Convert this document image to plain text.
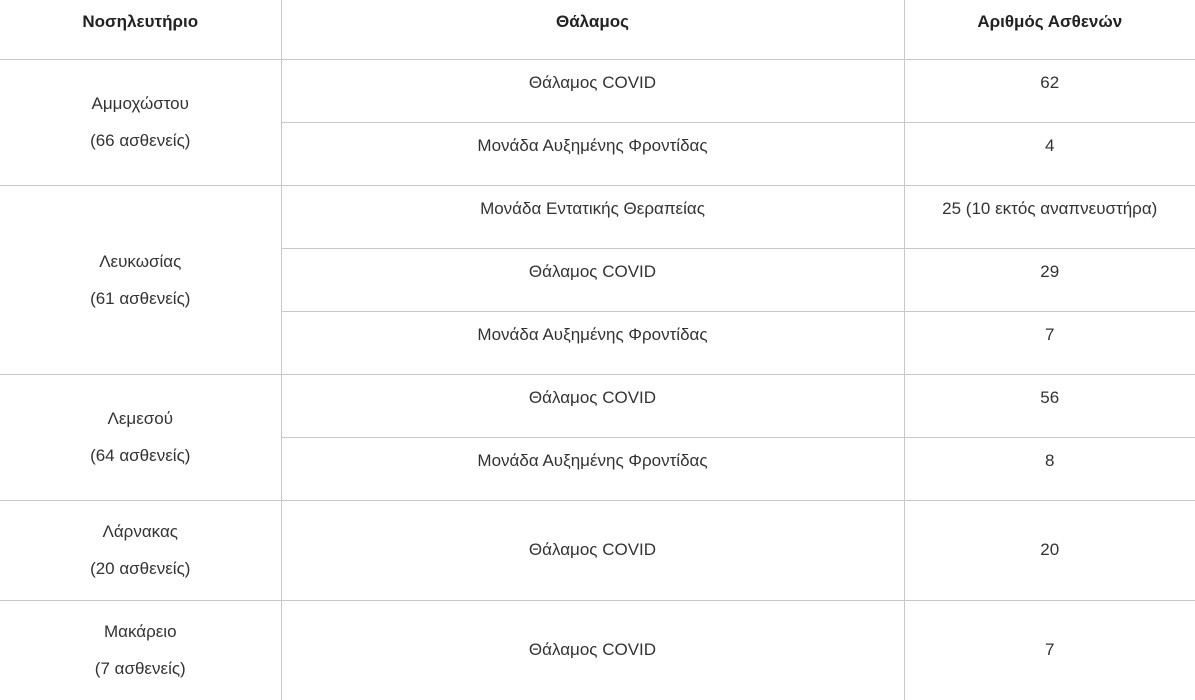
Νοσηλευτήριο	Θάλαμος	Αριθμός Ασθενών

Αμμοχώστου
(66 ασθενείς)	Θάλαμος COVID	62
	Μονάδα Αυξημένης Φροντίδας	4

Λευκωσίας
(61 ασθενείς)	Μονάδα Εντατικής Θεραπείας	25 (10 εκτός αναπνευστήρα)
	Θάλαμος COVID	29
	Μονάδα Αυξημένης Φροντίδας	7

Λεμεσού
(64 ασθενείς)	Θάλαμος COVID	56
	Μονάδα Αυξημένης Φροντίδας	8

Λάρνακας
(20 ασθενείς)	Θάλαμος COVID	20

Μακάρειο
(7 ασθενείς)	Θάλαμος COVID	7
